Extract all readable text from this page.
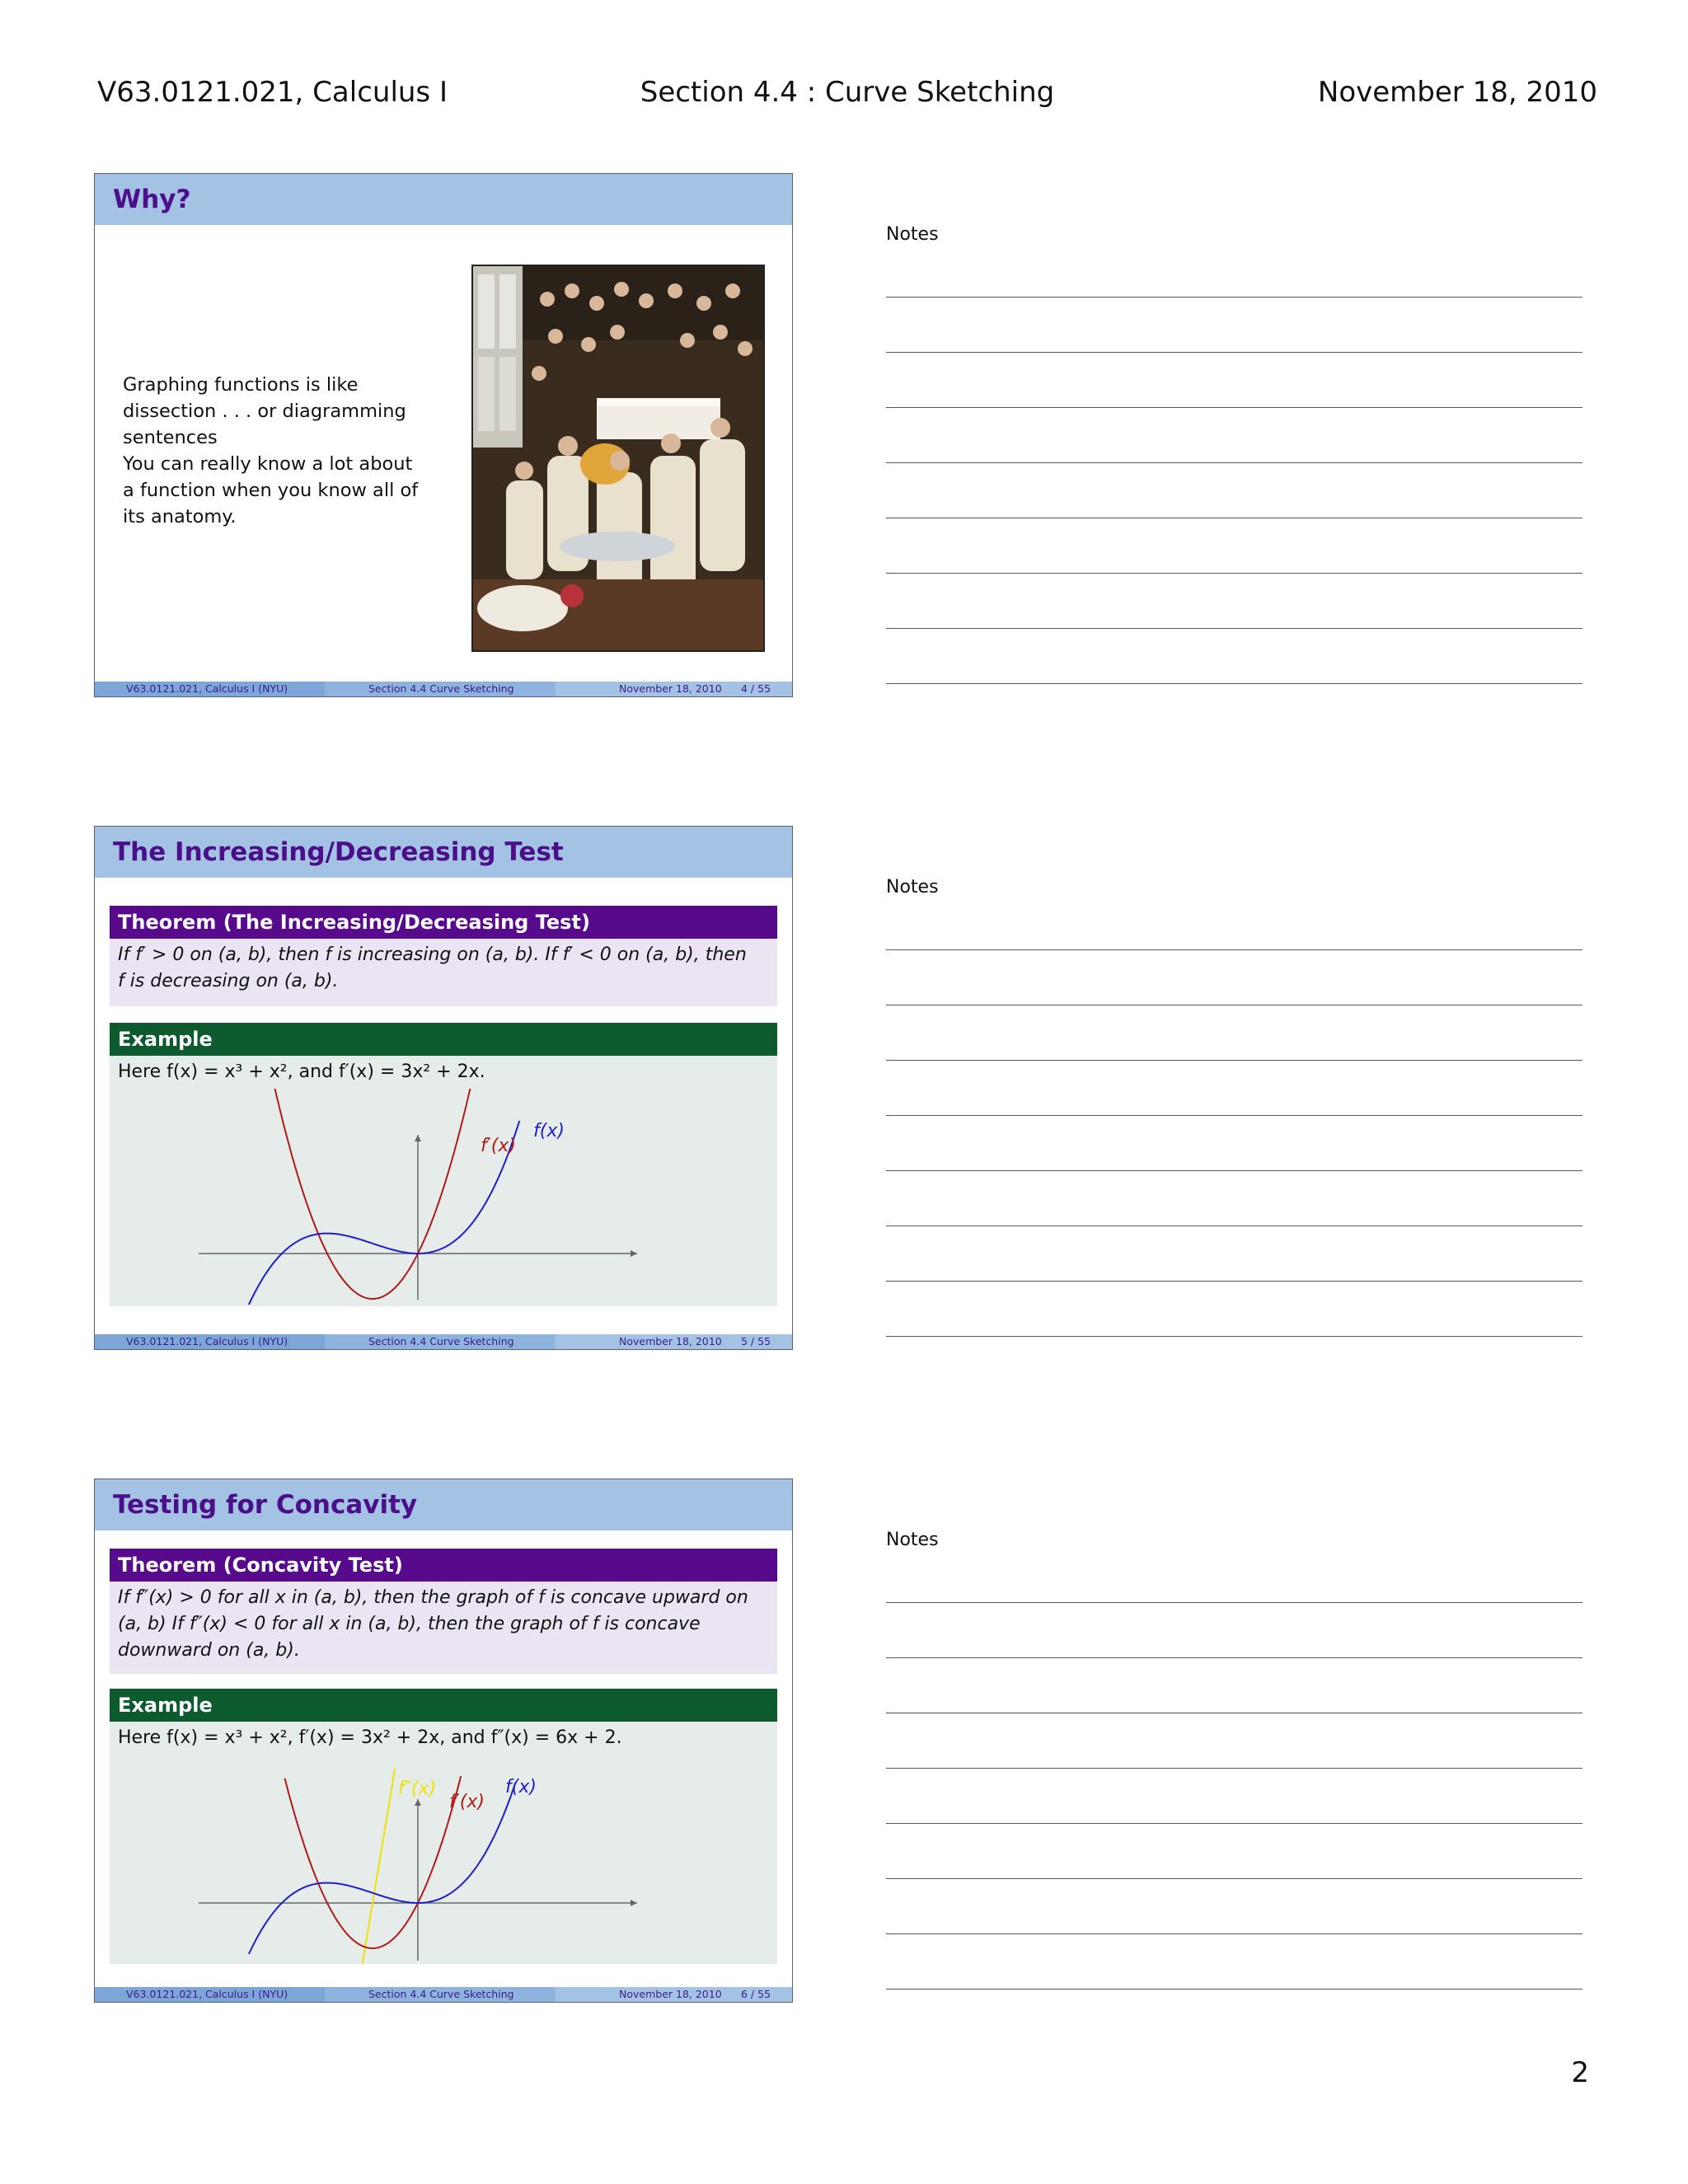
V63.0121.021, Calculus I	Section 4.4 : Curve Sketching	November 18, 2010
Why?
Graphing functions is like
dissection . . . or diagramming
sentences
You can really know a lot about
a function when you know all of
its anatomy.
V63.0121.021, Calculus I (NYU)	Section 4.4 Curve Sketching	November 18, 2010 4 / 55
Notes
The Increasing/Decreasing Test
Theorem (The Increasing/Decreasing Test)
If f′ > 0 on (a, b), then f is increasing on (a, b). If f′ < 0 on (a, b), then
f is decreasing on (a, b).
Example
Here f(x) = x³ + x², and f′(x) = 3x² + 2x.
f′(x)
f(x)
V63.0121.021, Calculus I (NYU)	Section 4.4 Curve Sketching	November 18, 2010 5 / 55
Notes
Testing for Concavity
Theorem (Concavity Test)
If f″(x) > 0 for all x in (a, b), then the graph of f is concave upward on
(a, b) If f″(x) < 0 for all x in (a, b), then the graph of f is concave
downward on (a, b).
Example
Here f(x) = x³ + x², f′(x) = 3x² + 2x, and f″(x) = 6x + 2.
f″(x)
f′(x)
f(x)
V63.0121.021, Calculus I (NYU)	Section 4.4 Curve Sketching	November 18, 2010 6 / 55
Notes
2
